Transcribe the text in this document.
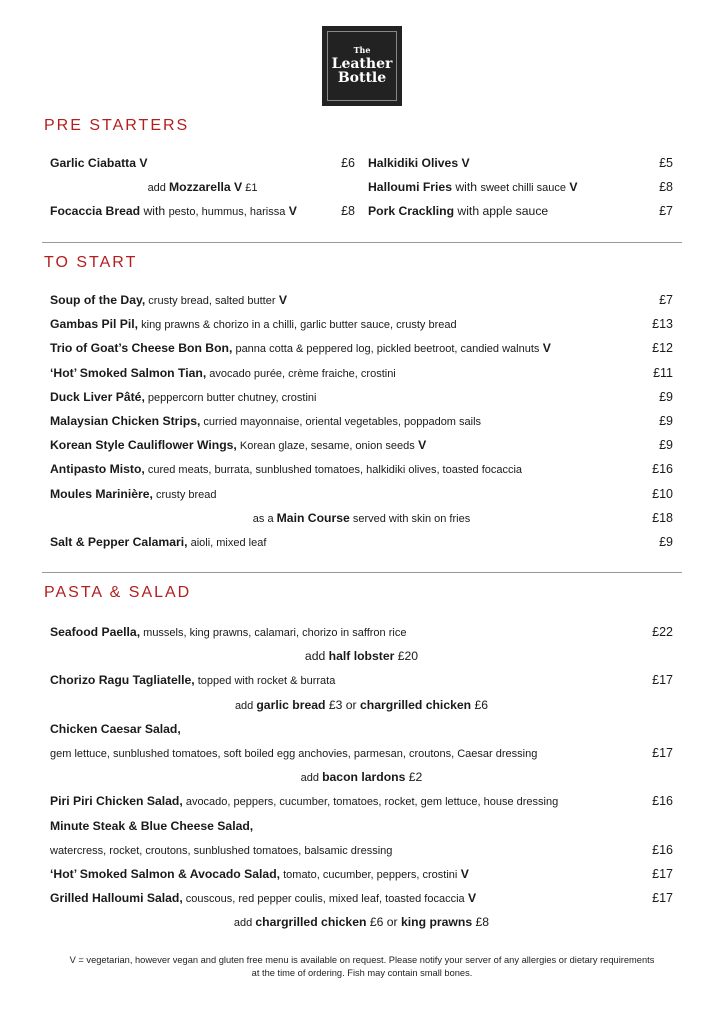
The
Leather
Bottle
PRE STARTERS
Garlic Ciabatta V	£6
add Mozzarella V £1
Focaccia Bread with pesto, hummus, harissa V	£8
Halkidiki Olives V	£5
Halloumi Fries with sweet chilli sauce V	£8
Pork Crackling with apple sauce	£7
TO START
Soup of the Day, crusty bread, salted butter V	£7
Gambas Pil Pil, king prawns & chorizo in a chilli, garlic butter sauce, crusty bread	£13
Trio of Goat’s Cheese Bon Bon, panna cotta & peppered log, pickled beetroot, candied walnuts V	£12
‘Hot’ Smoked Salmon Tian, avocado purée, crème fraiche, crostini	£11
Duck Liver Pâté, peppercorn butter chutney, crostini	£9
Malaysian Chicken Strips, curried mayonnaise, oriental vegetables, poppadom sails	£9
Korean Style Cauliflower Wings, Korean glaze, sesame, onion seeds V	£9
Antipasto Misto, cured meats, burrata, sunblushed tomatoes, halkidiki olives, toasted focaccia	£16
Moules Marinière, crusty bread	£10
as a Main Course served with skin on fries	£18
Salt & Pepper Calamari, aioli, mixed leaf	£9
PASTA & SALAD
Seafood Paella, mussels, king prawns, calamari, chorizo in saffron rice	£22
add half lobster £20
Chorizo Ragu Tagliatelle, topped with rocket & burrata	£17
add garlic bread £3 or chargrilled chicken £6
Chicken Caesar Salad,
gem lettuce, sunblushed tomatoes, soft boiled egg anchovies, parmesan, croutons, Caesar dressing	£17
add bacon lardons £2
Piri Piri Chicken Salad, avocado, peppers, cucumber, tomatoes, rocket, gem lettuce, house dressing	£16
Minute Steak & Blue Cheese Salad,
watercress, rocket, croutons, sunblushed tomatoes, balsamic dressing	£16
‘Hot’ Smoked Salmon & Avocado Salad, tomato, cucumber, peppers, crostini V	£17
Grilled Halloumi Salad, couscous, red pepper coulis, mixed leaf, toasted focaccia V	£17
add chargrilled chicken £6 or king prawns £8
V = vegetarian, however vegan and gluten free menu is available on request. Please notify your server of any allergies or dietary requirements
at the time of ordering. Fish may contain small bones.
